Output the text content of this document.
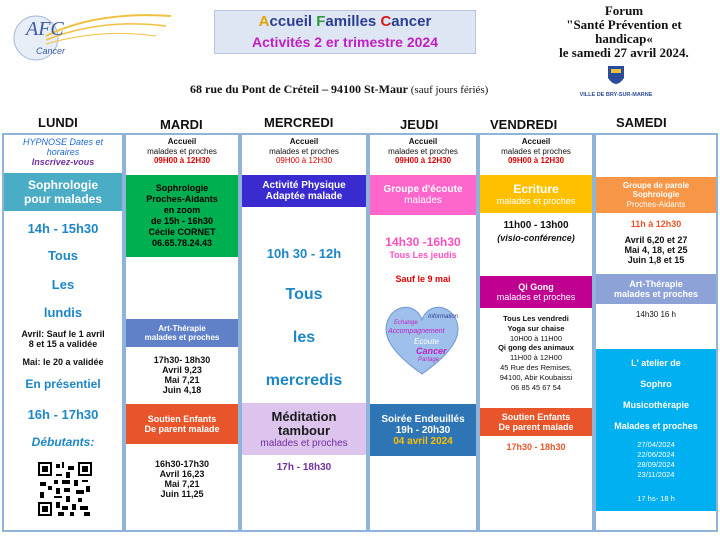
AFC
Cancer
Accueil Familles Cancer
Activités 2 er trimestre 2024
Forum
"Santé Prévention et
handicap«
le samedi 27 avril 2024.
VILLE DE BRY-SUR-MARNE
68 rue du Pont de Créteil – 94100 St-Maur (sauf jours fériés)
LUNDI	MARDI	MERCREDI	JEUDI	VENDREDI	SAMEDI
HYPNOSE Dates et
horaires
Inscrivez-vous
Sophrologie
pour malades
14h - 15h30
Tous
Les
lundis
Avril: Sauf le 1 avril
8 et 15 a validée
Mai: le 20 a validée
En présentiel
16h - 17h30
Débutants:
Accueil
malades et proches
09H00 à 12H30
Sophrologie
Proches-Aidants
en zoom
de 15h - 16h30
Cécile CORNET
06.65.78.24.43
Art-Thérapie
malades et proches
17h30- 18h30
Avril 9,23
Mai 7,21
Juin 4,18
Soutien Enfants
De parent malade
16h30-17h30
Avril 16,23
Mai 7,21
Juin 11,25
Accueil
malades et proches
09H00 à 12H30
Activité Physique
Adaptée malade
10h 30 - 12h
Tous
les
mercredis
Méditation
tambour
malades et proches
17h - 18h30
Accueil
malades et proches
09H00 à 12H30
Groupe d'écoute
malades
14h30 -16h30
Tous Les jeudis
Sauf le 9 mai
Echange
Information
Accompagnement
Ecoute
Cancer
Partage
Soirée Endeuillés
19h - 20h30
04 avril 2024
Accueil
malades et proches
09H00 à 12H30
Ecriture
malades et proches
11h00 - 13h00
(visio-conférence)
Qi Gong
malades et proches
Tous Les vendredi
Yoga sur chaise
10H00 à 11H00
Qi gong des animaux
11H00 à 12H00
45 Rue des Remises,
94100, Abir Koubaissi
06 85 45 67 54
Soutien Enfants
De parent malade
17h30 - 18h30
Groupe de parole
Sophrologie
Proches-Aidants
11h à 12h30
Avril 6,20 et 27
Mai 4, 18, et 25
Juin 1,8 et 15
Art-Thérapie
malades et proches
14h30 16 h
L' atelier de
Sophro
Musicothérapie
Malades et proches
27/04/2024
22/06/2024
28/09/2024
23/11/2024
17 hs- 18 h
